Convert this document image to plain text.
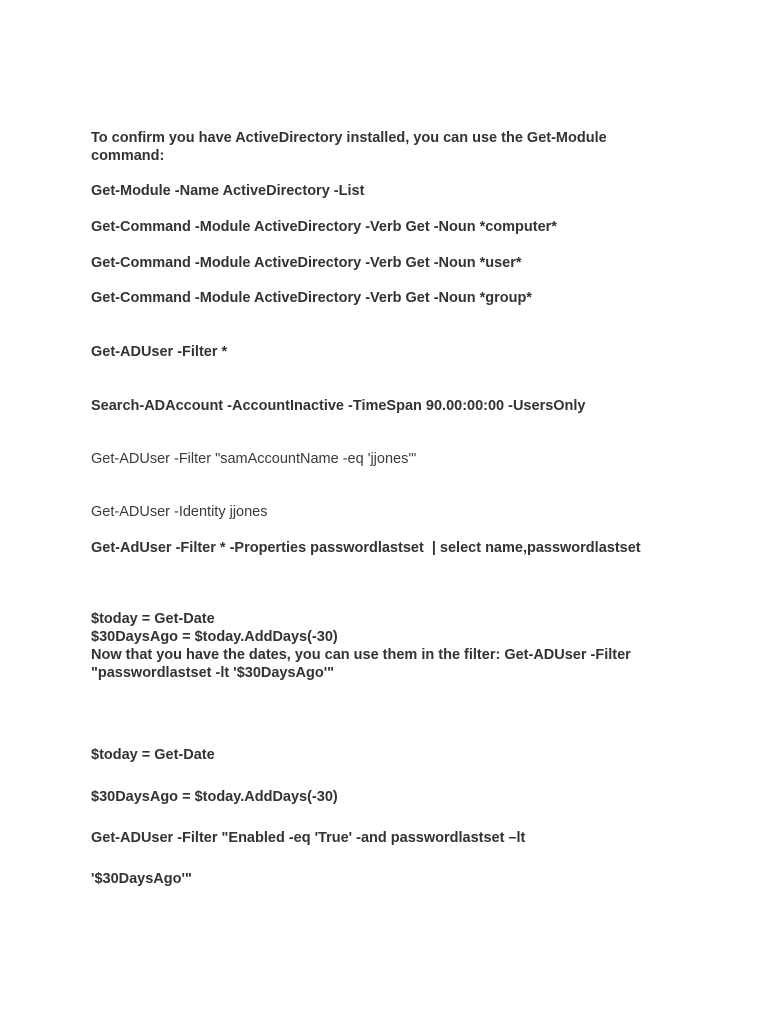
To confirm you have ActiveDirectory installed, you can use the Get-Module
command:
Get-Module -Name ActiveDirectory -List
Get-Command -Module ActiveDirectory -Verb Get -Noun *computer*
Get-Command -Module ActiveDirectory -Verb Get -Noun *user*
Get-Command -Module ActiveDirectory -Verb Get -Noun *group*
Get-ADUser -Filter *
Search-ADAccount -AccountInactive -TimeSpan 90.00:00:00 -UsersOnly
Get-ADUser -Filter "samAccountName -eq 'jjones'"
Get-ADUser -Identity jjones
Get-AdUser -Filter * -Properties passwordlastset  | select name,passwordlastset
$today = Get-Date
$30DaysAgo = $today.AddDays(-30)
Now that you have the dates, you can use them in the filter: Get-ADUser -Filter
"passwordlastset -lt '$30DaysAgo'"
$today = Get-Date
$30DaysAgo = $today.AddDays(-30)
Get-ADUser -Filter "Enabled -eq 'True' -and passwordlastset –lt
'$30DaysAgo'"
